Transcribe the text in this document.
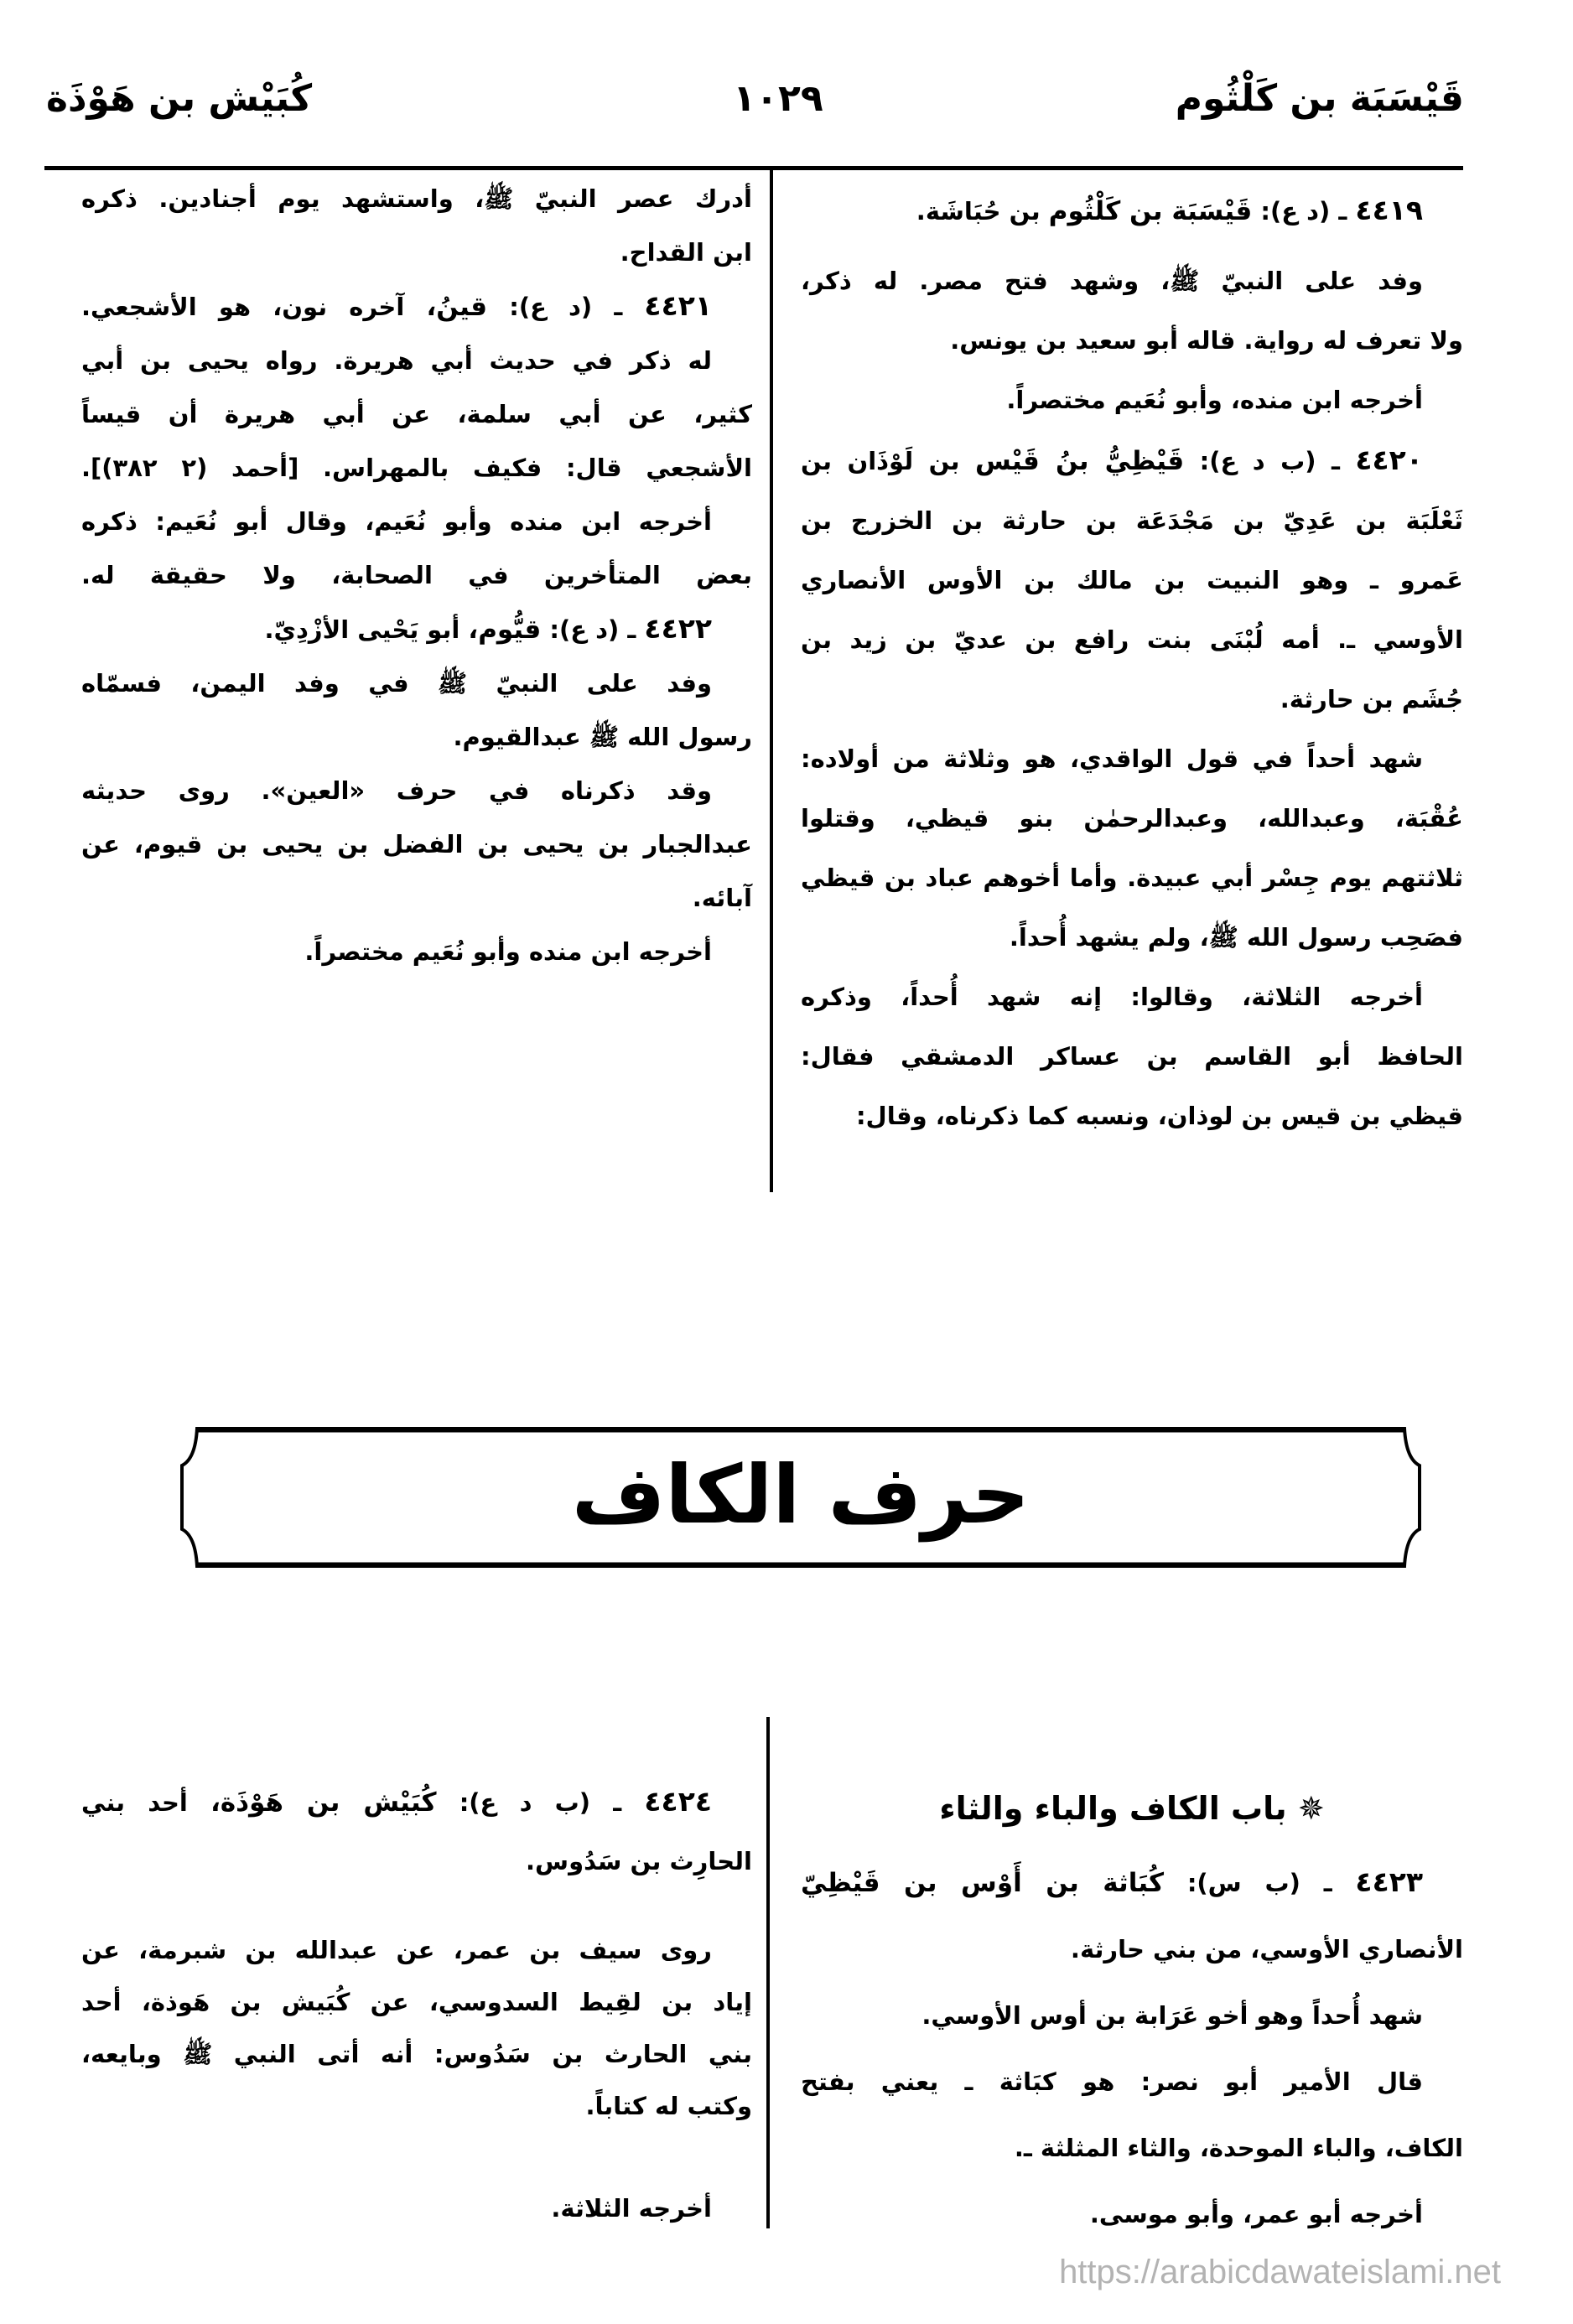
قَيْسَبَة بن كَلْثُوم
١٠٢٩
كُبَيْش بن هَوْذَة
٤٤١٩ ـ (د ع): قَيْسَبَة بن كَلْثُوم بن حُبَاشَة.
وفد على النبيّ ﷺ، وشهد فتح مصر. له ذكر،
ولا تعرف له رواية. قاله أبو سعيد بن يونس.
أخرجه ابن منده، وأبو نُعَيم مختصراً.
٤٤٢٠ ـ (ب د ع): قَيْظِيُّ بنُ قَيْس بن لَوْذَان بن
ثَعْلَبَة بن عَدِيّ بن مَجْدَعَة بن حارثة بن الخزرج بن
عَمرو ـ وهو النبيت بن مالك بن الأوس الأنصاري
الأوسي ـ. أمه لُبْنَى بنت رافع بن عديّ بن زيد بن
جُشَم بن حارثة.
شهد أحداً في قول الواقدي، هو وثلاثة من أولاده:
عُقْبَة، وعبدالله، وعبدالرحمٰن بنو قيظي، وقتلوا
ثلاثتهم يوم جِسْر أبي عبيدة. وأما أخوهم عباد بن قيظي
فصَحِب رسول الله ﷺ، ولم يشهد أُحداً.
أخرجه الثلاثة، وقالوا: إنه شهد أُحداً، وذكره
الحافظ أبو القاسم بن عساكر الدمشقي فقال:
قيظي بن قيس بن لوذان، ونسبه كما ذكرناه، وقال:
أدرك عصر النبيّ ﷺ، واستشهد يوم أجنادين. ذكره
ابن القداح.
٤٤٢١ ـ (د ع): قينُ، آخره نون، هو الأشجعي.
له ذكر في حديث أبي هريرة. رواه يحيى بن أبي
كثير، عن أبي سلمة، عن أبي هريرة أن قيساً
الأشجعي قال: فكيف بالمهراس. [أحمد (٢ ٣٨٢)].
أخرجه ابن منده وأبو نُعَيم، وقال أبو نُعَيم: ذكره
بعض المتأخرين في الصحابة، ولا حقيقة له.
٤٤٢٢ ـ (د ع): قيُّوم، أبو يَحْيى الأزْدِيّ.
وفد على النبيّ ﷺ في وفد اليمن، فسمّاه
رسول الله ﷺ عبدالقيوم.
وقد ذكرناه في حرف «العين». روى حديثه
عبدالجبار بن يحيى بن الفضل بن يحيى بن قيوم، عن
آبائه.
أخرجه ابن منده وأبو نُعَيم مختصراً.
حرف الكاف
✵ باب الكاف والباء والثاء
٤٤٢٣ ـ (ب س): كُبَاثة بن أَوْس بن قَيْظِيّ
الأنصاري الأوسي، من بني حارثة.
شهد أُحداً وهو أخو عَرَابة بن أوس الأوسي.
قال الأمير أبو نصر: هو كبَاثة ـ يعني بفتح
الكاف، والباء الموحدة، والثاء المثلثة ـ.
أخرجه أبو عمر، وأبو موسى.
٤٤٢٤ ـ (ب د ع): كُبَيْش بن هَوْذَة، أحد بني
الحارِث بن سَدُوس.
روى سيف بن عمر، عن عبدالله بن شبرمة، عن
إياد بن لقِيط السدوسي، عن كُبَيش بن هَوذة، أحد
بني الحارث بن سَدُوس: أنه أتى النبي ﷺ وبايعه،
وكتب له كتاباً.
أخرجه الثلاثة.
https://arabicdawateislami.net
